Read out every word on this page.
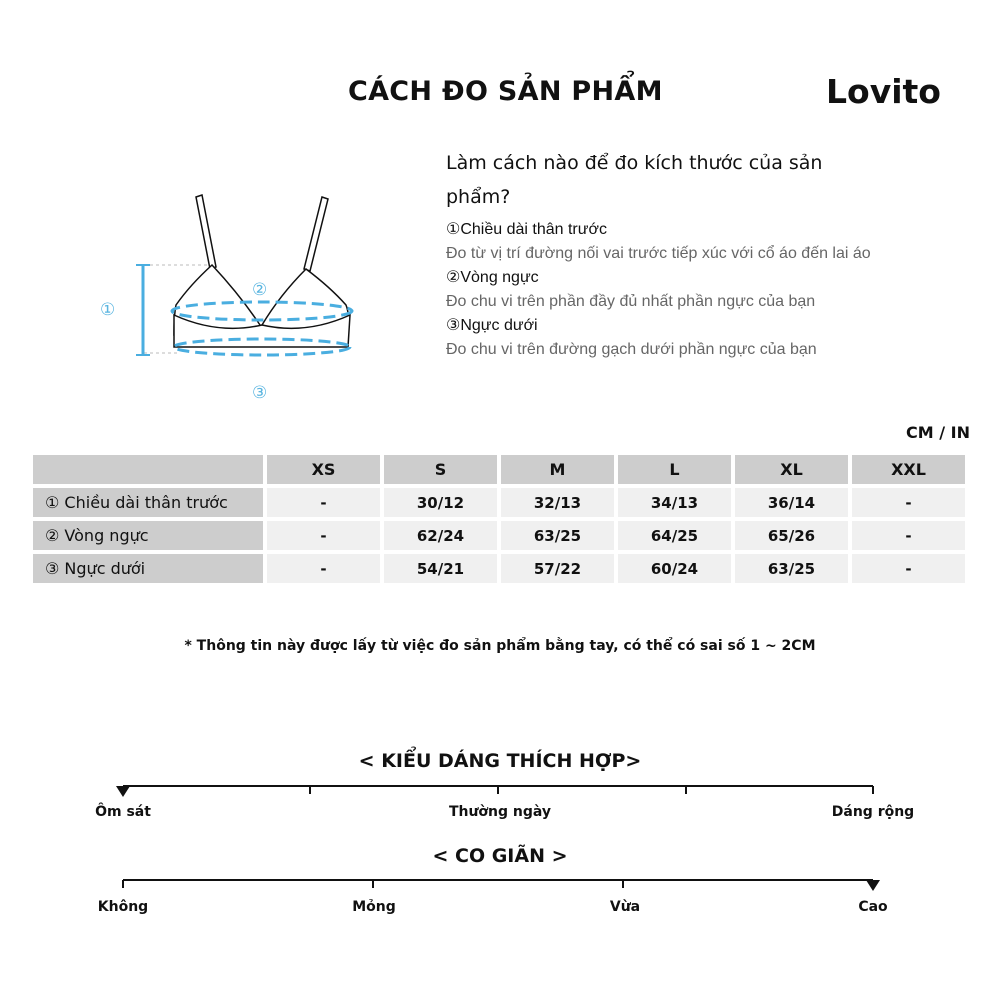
CÁCH ĐO SẢN PHẨM	Lovito
①
②
③
Làm cách nào để đo kích thước của sản phẩm?
①Chiều dài thân trước
Đo từ vị trí đường nối vai trước tiếp xúc với cổ áo đến lai áo
②Vòng ngực
Đo chu vi trên phần đầy đủ nhất phần ngực của bạn
③Ngực dưới
Đo chu vi trên đường gạch dưới phần ngực của bạn
CM / IN
	XS	S	M	L	XL	XXL
① Chiều dài thân trước	-	30/12	32/13	34/13	36/14	-
② Vòng ngực	-	62/24	63/25	64/25	65/26	-
③ Ngực dưới	-	54/21	57/22	60/24	63/25	-
* Thông tin này được lấy từ việc đo sản phẩm bằng tay, có thể có sai số 1 ~ 2CM
< KIỂU DÁNG THÍCH HỢP>
Ôm sát	Thường ngày	Dáng rộng
< CO GIÃN >
Không	Mỏng	Vừa	Cao
